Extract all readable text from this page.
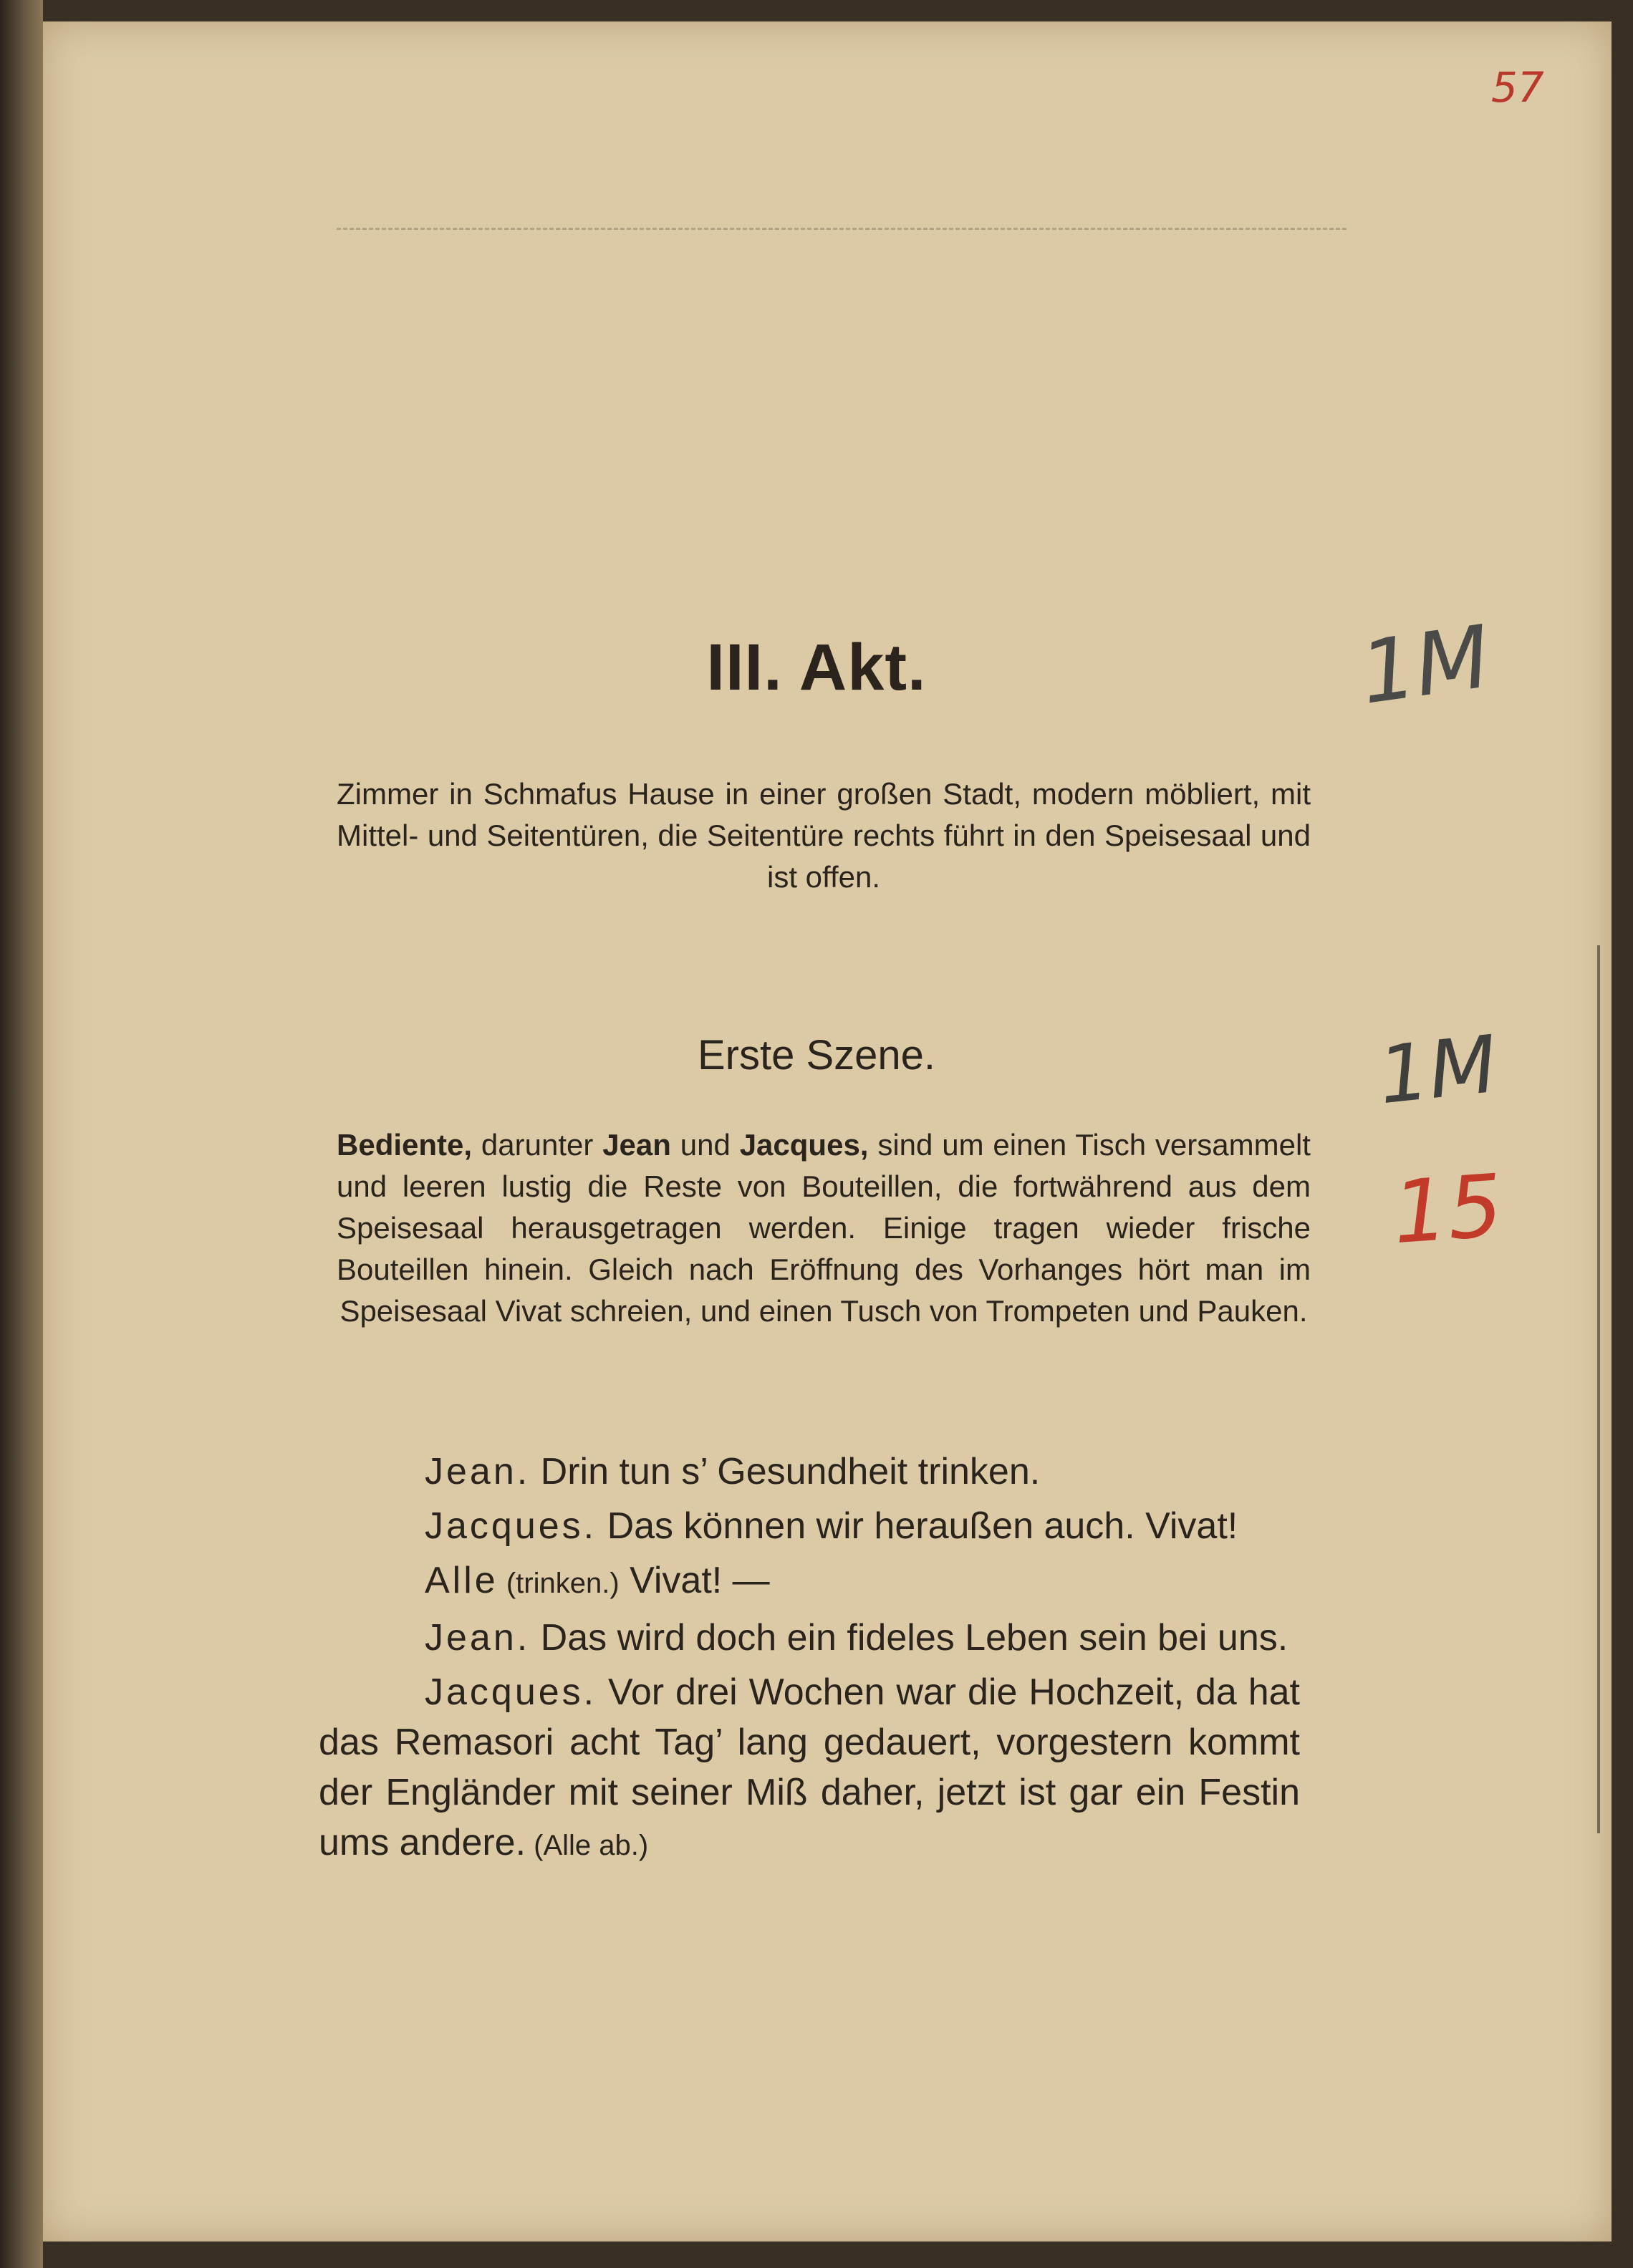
57
III. Akt.
Zimmer in Schmafus Hause in einer großen Stadt, modern möbliert, mit Mittel- und Seitentüren, die Seitentüre rechts führt in den Speisesaal und ist offen.
Erste Szene.
Bediente, darunter Jean und Jacques, sind um einen Tisch versammelt und leeren lustig die Reste von Bouteillen, die fortwährend aus dem Speisesaal herausgetragen werden. Einige tragen wieder frische Bouteillen hinein. Gleich nach Eröffnung des Vorhanges hört man im Speisesaal Vivat schreien, und einen Tusch von Trompeten und Pauken.

Jean. Drin tun s’ Gesundheit trinken.

Jacques. Das können wir heraußen auch. Vivat!

Alle (trinken.) Vivat! —

Jean. Das wird doch ein fideles Leben sein bei uns.

Jacques. Vor drei Wochen war die Hochzeit, da hat das Remasori acht Tag’ lang gedauert, vorgestern kommt der Engländer mit seiner Miß daher, jetzt ist gar ein Festin ums andere. (Alle ab.)

1M
1M
15
